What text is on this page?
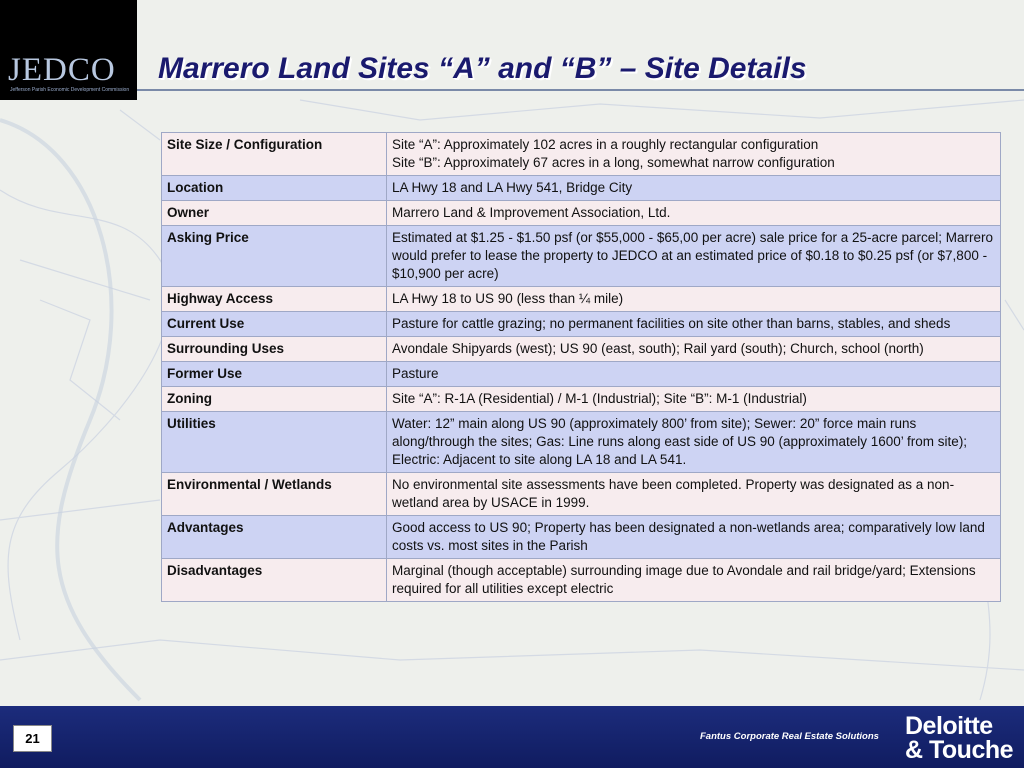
JEDCO
Jefferson Parish Economic Development Commission
Marrero Land Sites “A” and “B” – Site Details
Site Size / Configuration	Site “A”: Approximately 102 acres in a roughly rectangular configuration
Site “B”: Approximately 67 acres in a long, somewhat narrow configuration

Location	LA Hwy 18 and LA Hwy 541, Bridge City

Owner	Marrero Land & Improvement Association, Ltd.

Asking Price	Estimated at $1.25 - $1.50 psf (or $55,000 - $65,00 per acre) sale price for a 25-acre parcel; Marrero would prefer to lease the property to JEDCO at an estimated price of $0.18 to $0.25 psf (or $7,800 - $10,900 per acre)

Highway Access	LA Hwy 18 to US 90 (less than ¼ mile)

Current Use	Pasture for cattle grazing; no permanent facilities on site other than barns, stables, and sheds

Surrounding Uses	Avondale Shipyards (west); US 90 (east, south); Rail yard (south); Church, school (north)

Former Use	Pasture

Zoning	Site “A”: R-1A (Residential) / M-1 (Industrial); Site “B”: M-1 (Industrial)

Utilities	Water: 12” main along US 90 (approximately 800’ from site); Sewer: 20” force main runs along/through the sites; Gas: Line runs along east side of US 90 (approximately 1600’ from site); Electric: Adjacent to site along LA 18 and LA 541.

Environmental / Wetlands	No environmental site assessments have been completed. Property was designated as a non-wetland area by USACE in 1999.

Advantages	Good access to US 90; Property has been designated a non-wetlands area; comparatively low land costs vs. most sites in the Parish

Disadvantages	Marginal (though acceptable) surrounding image due to Avondale and rail bridge/yard; Extensions required for all utilities except electric
21	Fantus Corporate Real Estate Solutions Deloitte
& Touche
